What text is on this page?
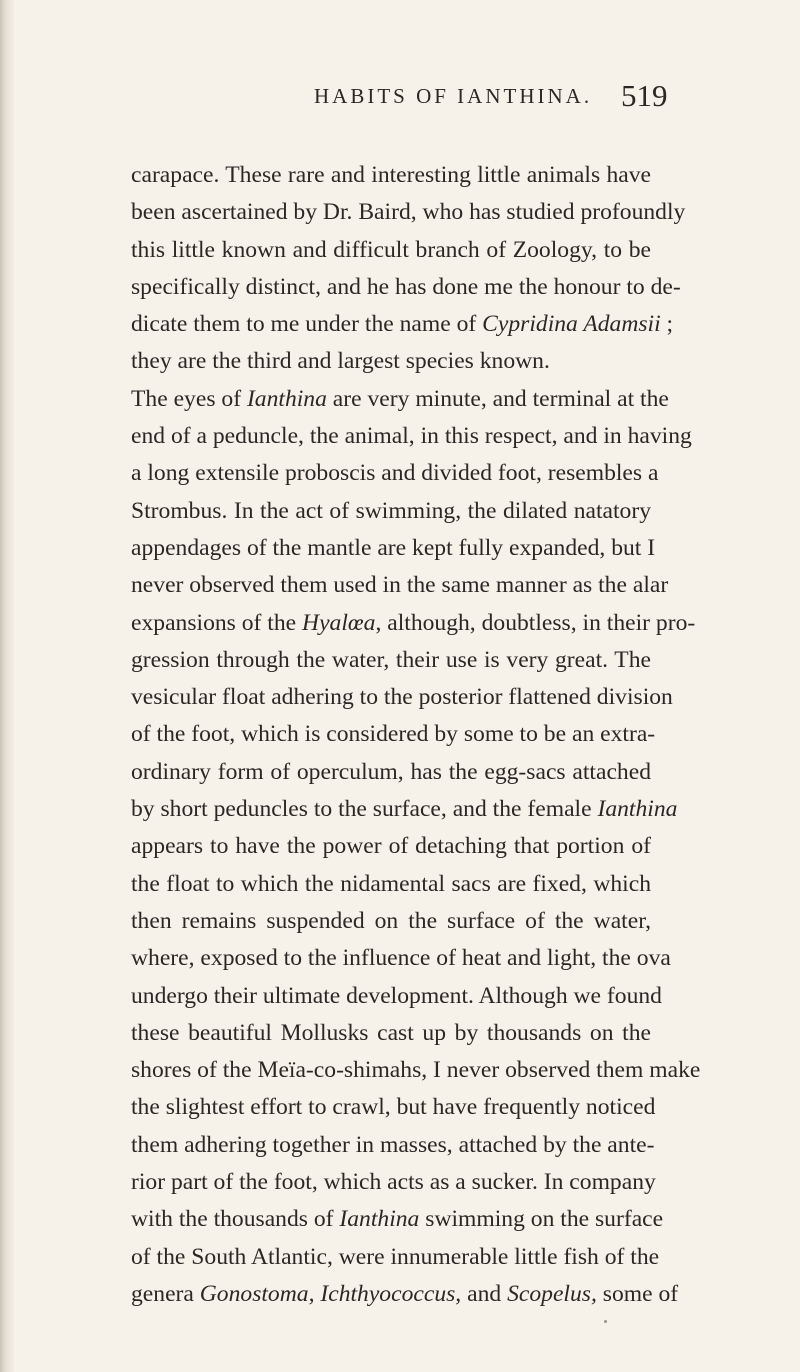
HABITS OF IANTHINA. 519
carapace. These rare and interesting little animals have
been ascertained by Dr. Baird, who has studied profoundly
this little known and difficult branch of Zoology, to be
specifically distinct, and he has done me the honour to de-
dicate them to me under the name of Cypridina Adamsii ;
they are the third and largest species known.
The eyes of Ianthina are very minute, and terminal at the
end of a peduncle, the animal, in this respect, and in having
a long extensile proboscis and divided foot, resembles a
Strombus. In the act of swimming, the dilated natatory
appendages of the mantle are kept fully expanded, but I
never observed them used in the same manner as the alar
expansions of the Hyalœa, although, doubtless, in their pro-
gression through the water, their use is very great. The
vesicular float adhering to the posterior flattened division
of the foot, which is considered by some to be an extra-
ordinary form of operculum, has the egg-sacs attached
by short peduncles to the surface, and the female Ianthina
appears to have the power of detaching that portion of
the float to which the nidamental sacs are fixed, which
then remains suspended on the surface of the water,
where, exposed to the influence of heat and light, the ova
undergo their ultimate development. Although we found
these beautiful Mollusks cast up by thousands on the
shores of the Meïa-co-shimahs, I never observed them make
the slightest effort to crawl, but have frequently noticed
them adhering together in masses, attached by the ante-
rior part of the foot, which acts as a sucker. In company
with the thousands of Ianthina swimming on the surface
of the South Atlantic, were innumerable little fish of the
genera Gonostoma, Ichthyococcus, and Scopelus, some of
